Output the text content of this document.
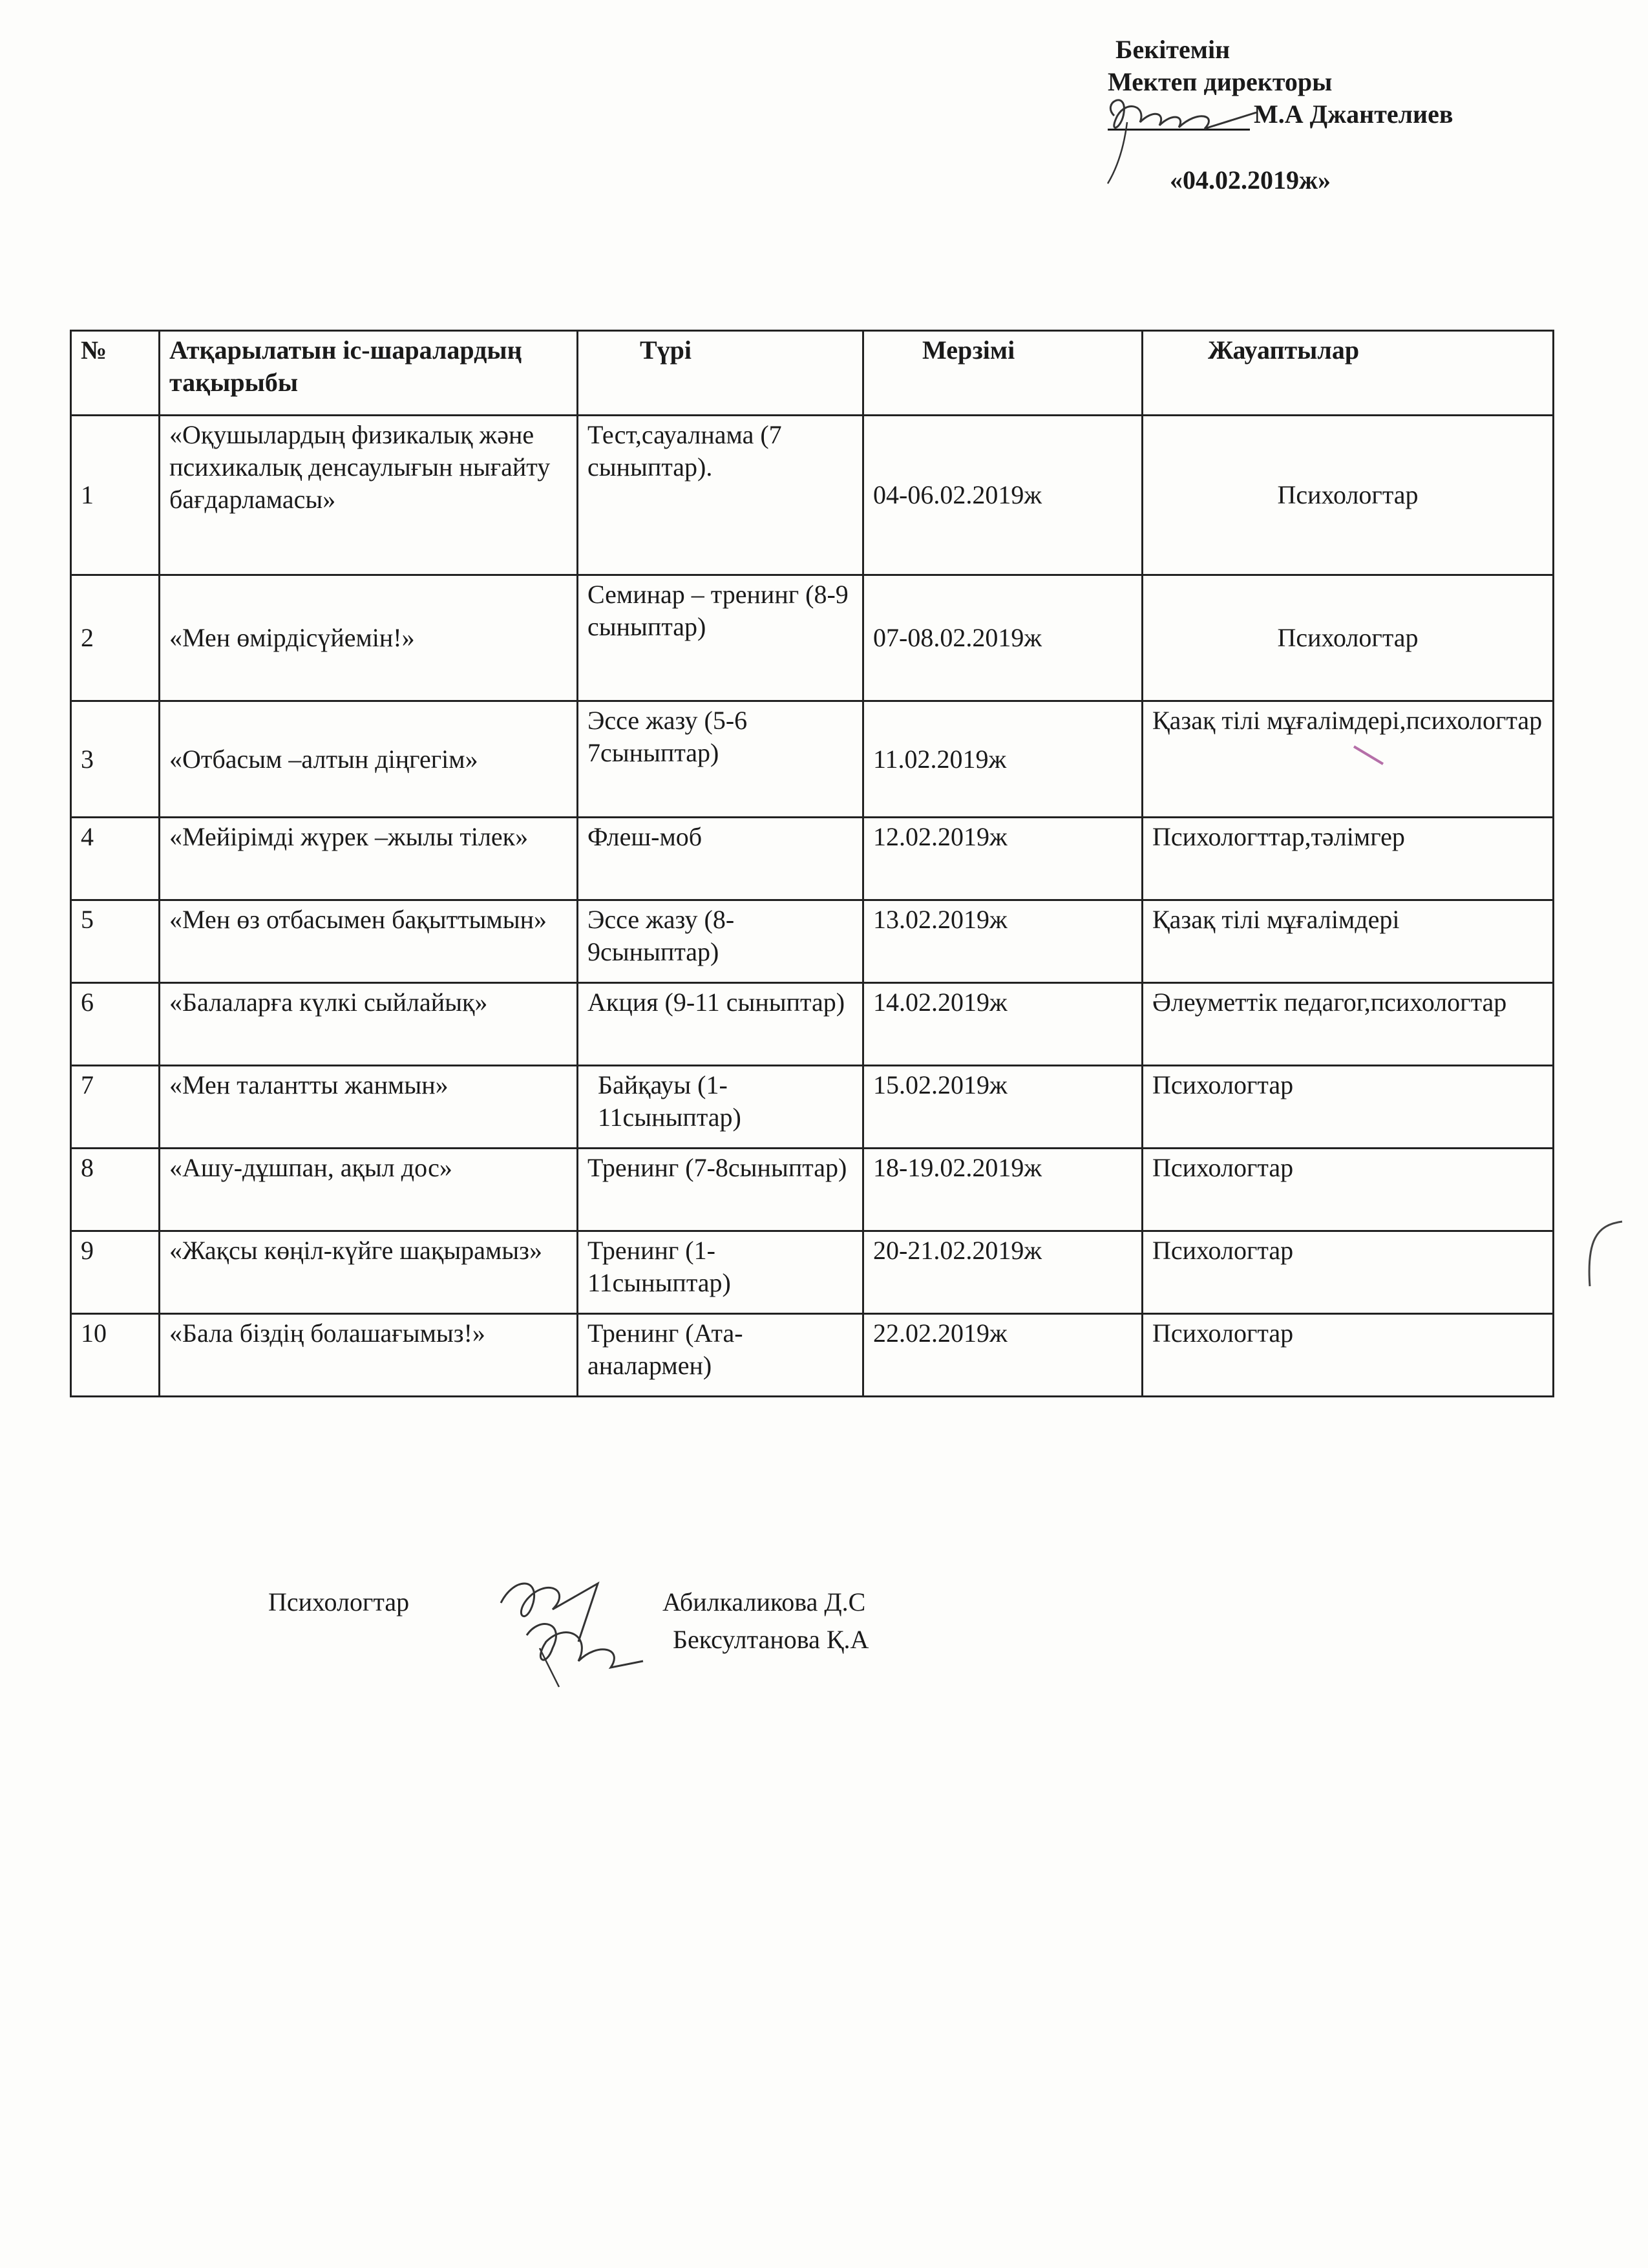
Бекітемін
Мектеп директоры
М.А Джантелиев
«04.02.2019ж»
№	Атқарылатын іс-шаралардың тақырыбы	Түрі	Мерзімі	Жауаптылар
1	«Оқушылардың физикалық және психикалық денсаулығын нығайту бағдарламасы»	Тест,сауалнама (7 сыныптар).	04-06.02.2019ж	Психологтар
2	«Мен өмірдісүйемін!»	Семинар – тренинг (8-9 сыныптар)	07-08.02.2019ж	Психологтар
3	«Отбасым –алтын діңгегім»	Эссе жазу (5-6 7сыныптар)	11.02.2019ж	Қазақ тілі мұғалімдері,психологтар
4	«Мейірімді жүрек –жылы тілек»	Флеш-моб	12.02.2019ж	Психологттар,тәлімгер
5	«Мен өз отбасымен бақыттымын»	Эссе жазу (8-9сыныптар)	13.02.2019ж	Қазақ тілі мұғалімдері
6	«Балаларға күлкі сыйлайық»	Акция (9-11 сыныптар)	14.02.2019ж	Әлеуметтік педагог,психологтар
7	«Мен талантты жанмын»	Байқауы (1-11сыныптар)	15.02.2019ж	Психологтар
8	«Ашу-дұшпан, ақыл дос»	Тренинг (7-8сыныптар)	18-19.02.2019ж	Психологтар
9	«Жақсы көңіл-күйге шақырамыз»	Тренинг (1-11сыныптар)	20-21.02.2019ж	Психологтар
10	«Бала біздің болашағымыз!»	Тренинг (Ата-аналармен)	22.02.2019ж	Психологтар
Психологтар	Абилкаликова Д.С
Бексултанова Қ.А
